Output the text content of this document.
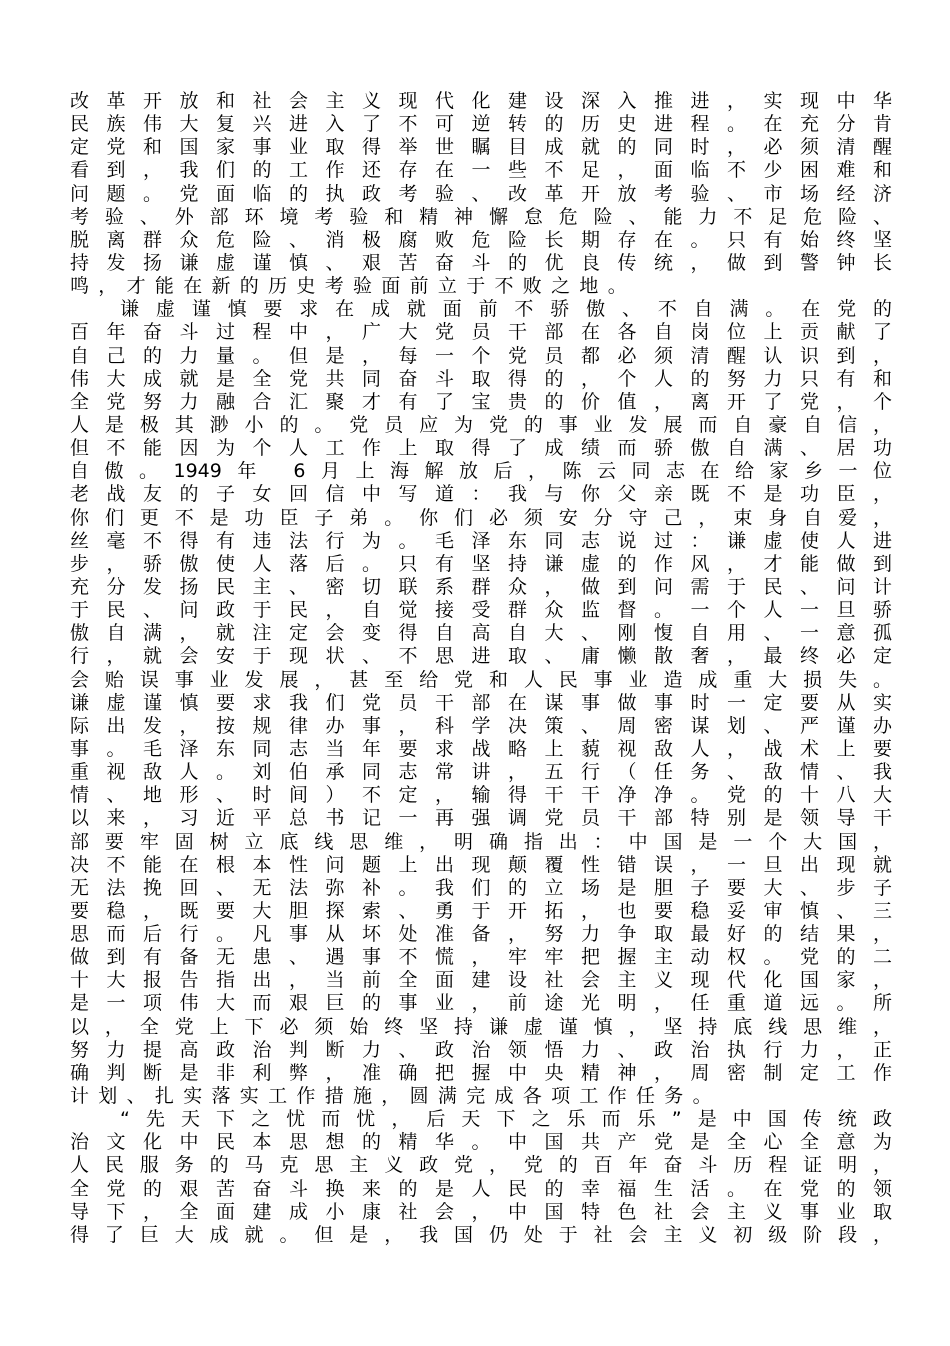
改革开放和社会主义现代化建设深入推进，实现中华
民族伟大复兴进入了不可逆转的历史进程。在充分肯
定党和国家事业取得举世瞩目成就的同时，必须清醒
看到，我们的工作还存在一些不足，面临不少困难和
问题。党面临的执政考验、改革开放考验、市场经济
考验、外部环境考验和精神懈怠危险、能力不足危险、
脱离群众危险、消极腐败危险长期存在。只有始终坚
持发扬谦虚谨慎、艰苦奋斗的优良传统，做到警钟长
鸣，才能在新的历史考验面前立于不败之地。
谦虚谨慎要求在成就面前不骄傲、不自满。在党的
百年奋斗过程中，广大党员干部在各自岗位上贡献了
自己的力量。但是，每一个党员都必须清醒认识到，
伟大成就是全党共同奋斗取得的，个人的努力只有和
全党努力融合汇聚才有了宝贵的价值，离开了党，个
人是极其渺小的。党员应为党的事业发展而自豪自信，
但不能因为个人工作上取得了成绩而骄傲自满、居功
自傲。1949年 6月上海解放后，陈云同志在给家乡一位
老战友的子女回信中写道：我与你父亲既不是功臣，
你们更不是功臣子弟。你们必须安分守己，束身自爱，
丝毫不得有违法行为。毛泽东同志说过：谦虚使人进
步，骄傲使人落后。只有坚持谦虚的作风，才能做到
充分发扬民主、密切联系群众，做到问需于民、问计
于民、问政于民，自觉接受群众监督。一个人一旦骄
傲自满，就注定会变得自高自大、刚愎自用、一意孤
行，就会安于现状、不思进取、庸懒散奢，最终必定
会贻误事业发展，甚至给党和人民事业造成重大损失。
谦虚谨慎要求我们党员干部在谋事做事时一定要从实
际出发，按规律办事，科学决策、周密谋划、严谨办
事。毛泽东同志当年要求战略上藐视敌人，战术上要
重视敌人。刘伯承同志常讲，五行（任务、敌情、我
情、地形、时间）不定，输得干干净净。党的十八大
以来，习近平总书记一再强调党员干部特别是领导干
部要牢固树立底线思维，明确指出：中国是一个大国，
决不能在根本性问题上出现颠覆性错误，一旦出现就
无法挽回、无法弥补。我们的立场是胆子要大、步子
要稳，既要大胆探索、勇于开拓，也要稳妥审慎、三
思而后行。凡事从坏处准备，努力争取最好的结果，
做到有备无患、遇事不慌，牢牢把握主动权。党的二
十大报告指出，当前全面建设社会主义现代化国家，
是一项伟大而艰巨的事业，前途光明，任重道远。所
以，全党上下必须始终坚持谦虚谨慎，坚持底线思维，
努力提高政治判断力、政治领悟力、政治执行力，正
确判断是非利弊，准确把握中央精神，周密制定工作
计划、扎实落实工作措施，圆满完成各项工作任务。
“先天下之忧而忧，后天下之乐而乐”是中国传统政
治文化中民本思想的精华。中国共产党是全心全意为
人民服务的马克思主义政党，党的百年奋斗历程证明，
全党的艰苦奋斗换来的是人民的幸福生活。在党的领
导下，全面建成小康社会，中国特色社会主义事业取
得了巨大成就。但是，我国仍处于社会主义初级阶段，
